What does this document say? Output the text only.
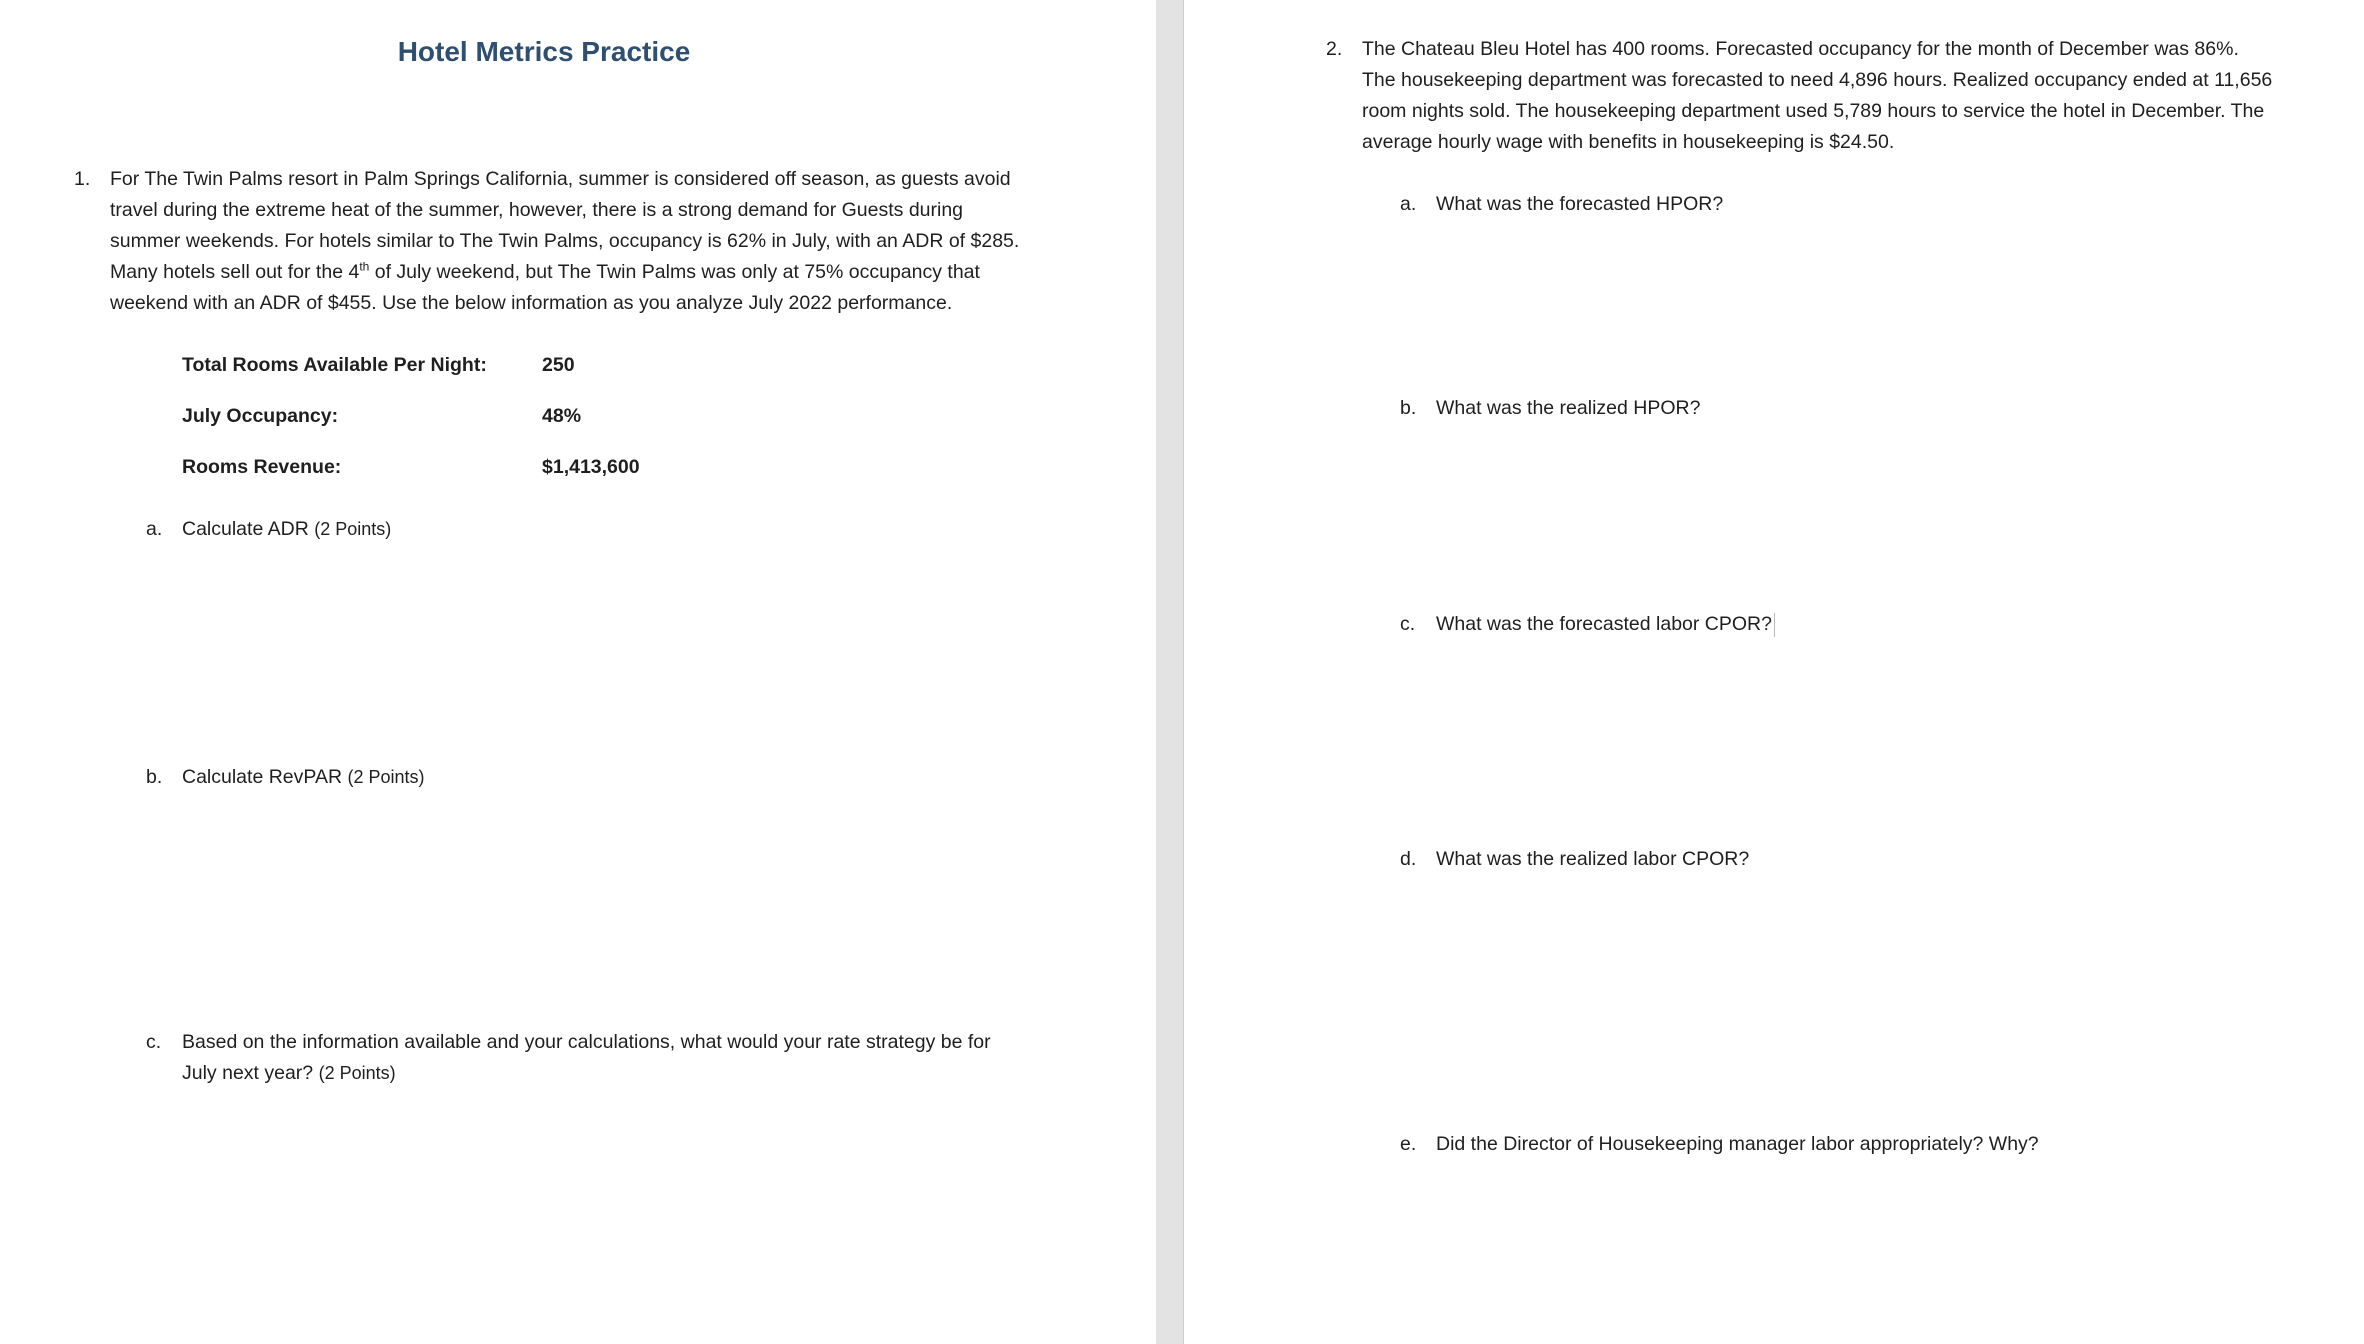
Hotel Metrics Practice
1. For The Twin Palms resort in Palm Springs California, summer is considered off season, as guests avoid
travel during the extreme heat of the summer, however, there is a strong demand for Guests during
summer weekends. For hotels similar to The Twin Palms, occupancy is 62% in July, with an ADR of $285.
Many hotels sell out for the 4th of July weekend, but The Twin Palms was only at 75% occupancy that
weekend with an ADR of $455. Use the below information as you analyze July 2022 performance.
Total Rooms Available Per Night:	250
July Occupancy:	48%
Rooms Revenue:	$1,413,600
a. Calculate ADR (2 Points)
b. Calculate RevPAR (2 Points)
c. Based on the information available and your calculations, what would your rate strategy be for
July next year? (2 Points)
2. The Chateau Bleu Hotel has 400 rooms. Forecasted occupancy for the month of December was 86%.
The housekeeping department was forecasted to need 4,896 hours. Realized occupancy ended at 11,656
room nights sold. The housekeeping department used 5,789 hours to service the hotel in December. The
average hourly wage with benefits in housekeeping is $24.50.
a. What was the forecasted HPOR?
b. What was the realized HPOR?
c. What was the forecasted labor CPOR?
d. What was the realized labor CPOR?
e. Did the Director of Housekeeping manager labor appropriately? Why?
